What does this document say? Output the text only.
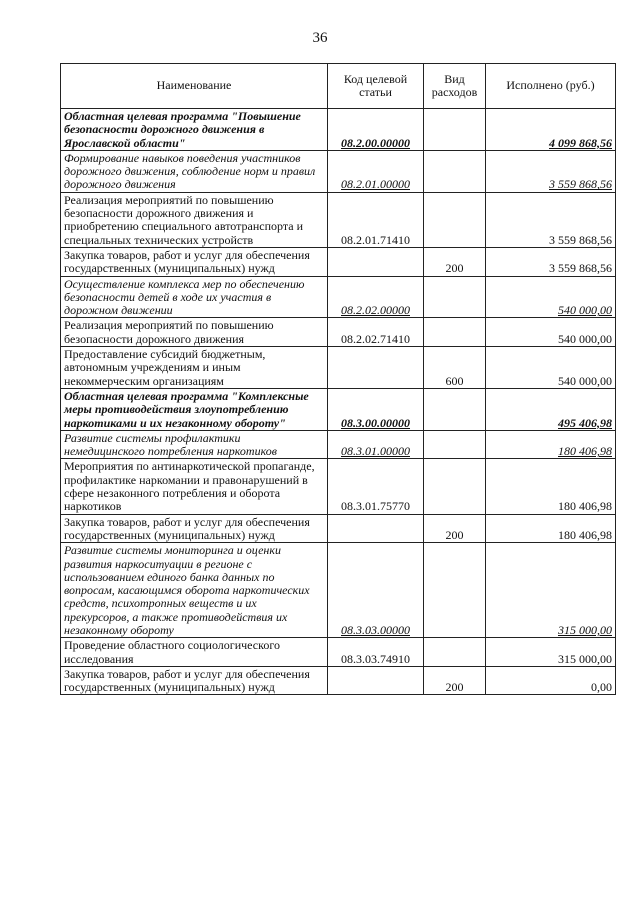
36
Наименование	Код целевой статьи	Вид расходов	Исполнено (руб.)
Областная целевая программа "Повышение безопасности дорожного движения в Ярославской области"	08.2.00.00000		4 099 868,56
Формирование навыков поведения участников дорожного движения, соблюдение норм и правил дорожного движения	08.2.01.00000		3 559 868,56
Реализация мероприятий по повышению безопасности дорожного движения и приобретению специального автотранспорта и специальных технических устройств	08.2.01.71410		3 559 868,56
Закупка товаров, работ и услуг для обеспечения государственных (муниципальных) нужд		200	3 559 868,56
Осуществление комплекса мер по обеспечению безопасности детей в ходе их участия в дорожном движении	08.2.02.00000		540 000,00
Реализация мероприятий по повышению безопасности дорожного движения	08.2.02.71410		540 000,00
Предоставление субсидий бюджетным, автономным учреждениям и иным некоммерческим организациям		600	540 000,00
Областная целевая программа "Комплексные меры противодействия злоупотреблению наркотиками и их незаконному обороту"	08.3.00.00000		495 406,98
Развитие системы профилактики немедицинского потребления наркотиков	08.3.01.00000		180 406,98
Мероприятия по антинаркотической пропаганде, профилактике наркомании и правонарушений в сфере незаконного потребления и оборота наркотиков	08.3.01.75770		180 406,98
Закупка товаров, работ и услуг для обеспечения государственных (муниципальных) нужд		200	180 406,98
Развитие системы мониторинга и оценки развития наркоситуации в регионе с использованием единого банка данных по вопросам, касающимся оборота наркотических средств, психотропных веществ и их прекурсоров, а также противодействия их незаконному обороту	08.3.03.00000		315 000,00
Проведение областного социологического исследования	08.3.03.74910		315 000,00
Закупка товаров, работ и услуг для обеспечения государственных (муниципальных) нужд		200	0,00
